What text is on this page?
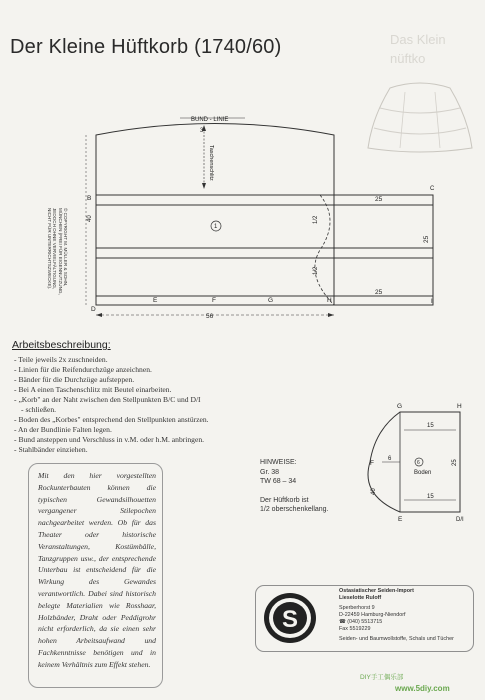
Der Kleine Hüftkorb (1740/60)	Das Klein
nüftko
© COPYRIGHT M. MÜLLER & SOHN,
MÜNCHEN (FREI FÜR EIGENNUTZUNG,
JEDOCH OHNE VERVIELFÄLTIGUNG,
NICHT FÜR UNTERRICHTSZWECKE).
BUND - LINIE
3
Taschenschlitz
40
25
25
25
1/2
1/2
56
1
B
C
D
E	F	G	H	I
Arbeitsbeschreibung:
- Teile jeweils 2x zuschneiden.
- Linien für die Reifendurchzüge anzeichnen.
- Bänder für die Durchzüge aufsteppen.
- Bei A einen Taschenschlitz mit Beutel einarbeiten.
- „Korb" an der Naht zwischen den Stellpunkten B/C und D/I
- schließen.
- Boden des „Korbes" entsprechend den Stellpunkten anstürzen.
- An der Bundlinie Falten legen.
- Bund ansteppen und Verschluss in v.M. oder h.M. anbringen.
- Stahlbänder einziehen.
Mit den hier vorgestellten Rockunterbauten können die typischen Gewandsilhouetten vergangener Stilepochen nachgearbeitet werden. Ob für das Theater oder historische Veranstaltungen, Kostümbälle, Tanzgruppen usw., der entsprechende Unterbau ist entscheidend für die Wirkung des Gewandes verantwortlich. Dabei sind historisch belegte Materialien wie Rosshaar, Holzbänder, Draht oder Peddigrohr nicht erforderlich, da sie einen sehr hohen Arbeitsaufwand und Fachkenntnisse benötigen und in keinem Verhältnis zum Effekt stehen.
HINWEISE:
Gr. 38
TW 68 – 34
Der Hüftkorb ist
1/2 oberschenkellang.
G	H
F
E	D/I
15
15
6
25
40
6
Boden
S
Ostasiatischer Seiden-Import
Lieselotte Ruloff
Sperberhorst 9
D-22459 Hamburg-Niendorf
☎ (040) 5513715
Fax 5519229
Seiden- und Baumwollstoffe, Schals und Tücher
DIY手工偶乐部
www.5diy.com
